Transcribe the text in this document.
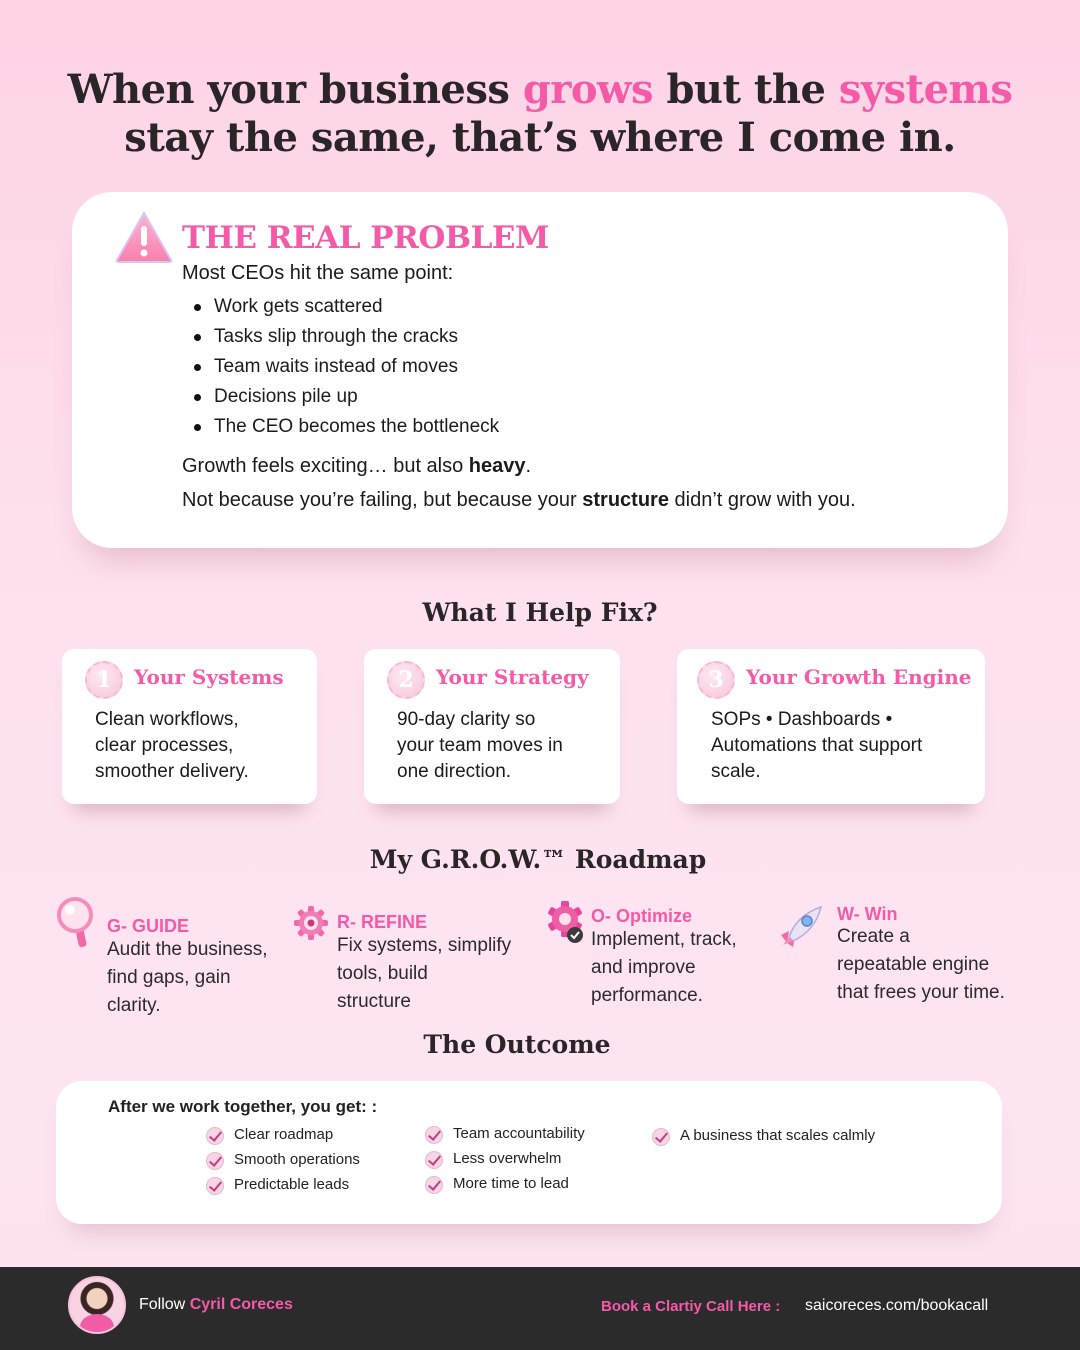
When your business grows but the systems
stay the same, that’s where I come in.
THE REAL PROBLEM
Most CEOs hit the same point:
Work gets scattered
Tasks slip through the cracks
Team waits instead of moves
Decisions pile up
The CEO becomes the bottleneck
Growth feels exciting… but also heavy.
Not because you’re failing, but because your structure didn’t grow with you.
What I Help Fix?
1	Your Systems
Clean workflows,
clear processes,
smoother delivery.
2	Your Strategy
90-day clarity so
your team moves in
one direction.
3	Your Growth Engine
SOPs • Dashboards •
Automations that support
scale.
My G.R.O.W.™ Roadmap
G- GUIDE
Audit the business,
find gaps, gain
clarity.
R- REFINE
Fix systems, simplify
tools, build
structure
O- Optimize
Implement, track,
and improve
performance.
W- Win
Create a
repeatable engine
that frees your time.
The Outcome
After we work together, you get: :
Clear roadmap
Smooth operations
Predictable leads
Team accountability
Less overwhelm
More time to lead
A business that scales calmly
Follow Cyril Coreces	Book a Clartiy Call Here : saicoreces.com/bookacall
